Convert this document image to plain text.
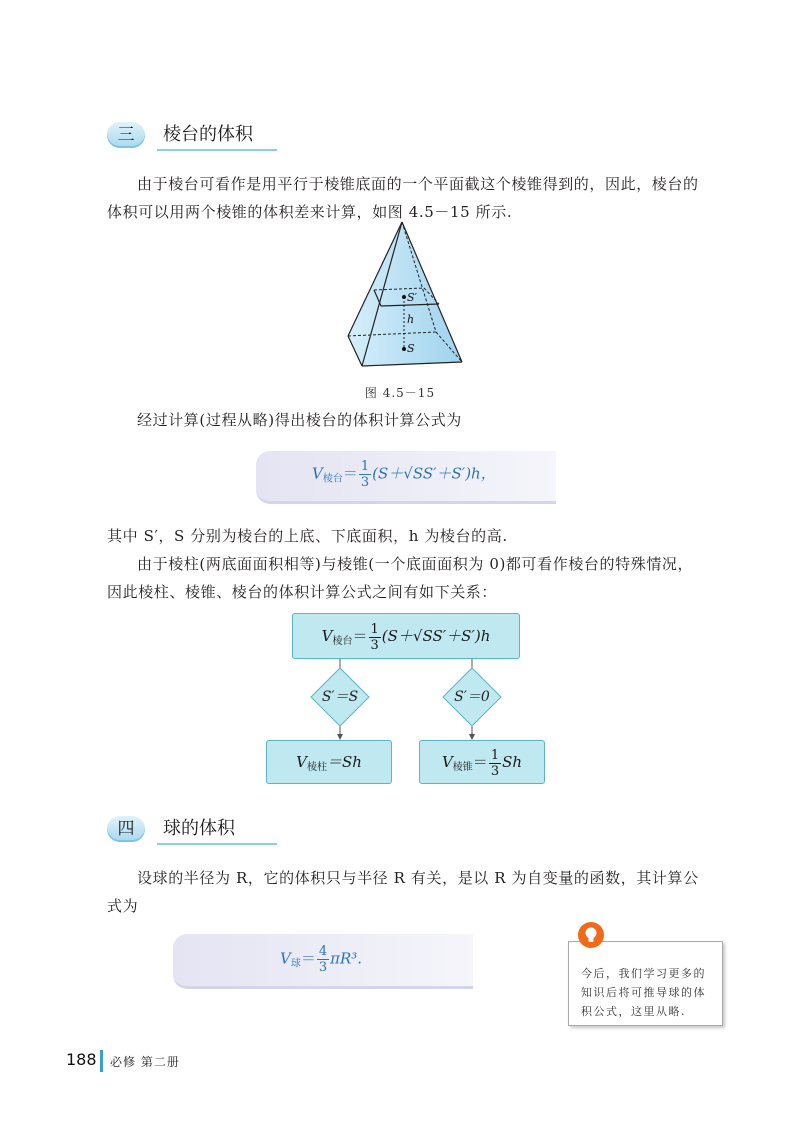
三	棱台的体积
由于棱台可看作是用平行于棱锥底面的一个平面截这个棱锥得到的，因此，棱台的体积可以用两个棱锥的体积差来计算，如图 4.5－15 所示.
S′
h
S
图 4.5－15
经过计算(过程从略)得出棱台的体积计算公式为
$V_{棱台}= \frac{1}{3} (S+√SS'+S')h$，
其中 S′，S 分别为棱台的上底、下底面积，h 为棱台的高.
由于棱柱(两底面面积相等)与棱锥(一个底面面积为 0)都可看作棱台的特殊情况，因此棱柱、棱锥、棱台的体积计算公式之间有如下关系：
$V_{棱台}= \frac{1}{3} (S+√SS'+S')h$
S′＝S	S′＝0
$V_{棱柱}=Sh$	$V_{棱锥}= \frac{1}{3}$ Sh
四	球的体积
设球的半径为 R，它的体积只与半径 R 有关，是以 R 为自变量的函数，其计算公式为
$V_球= \frac{4}{3} \pi R^3$.
今后，我们学习更多的知识后将可推导球的体积公式，这里从略.
188 必修 第二册
